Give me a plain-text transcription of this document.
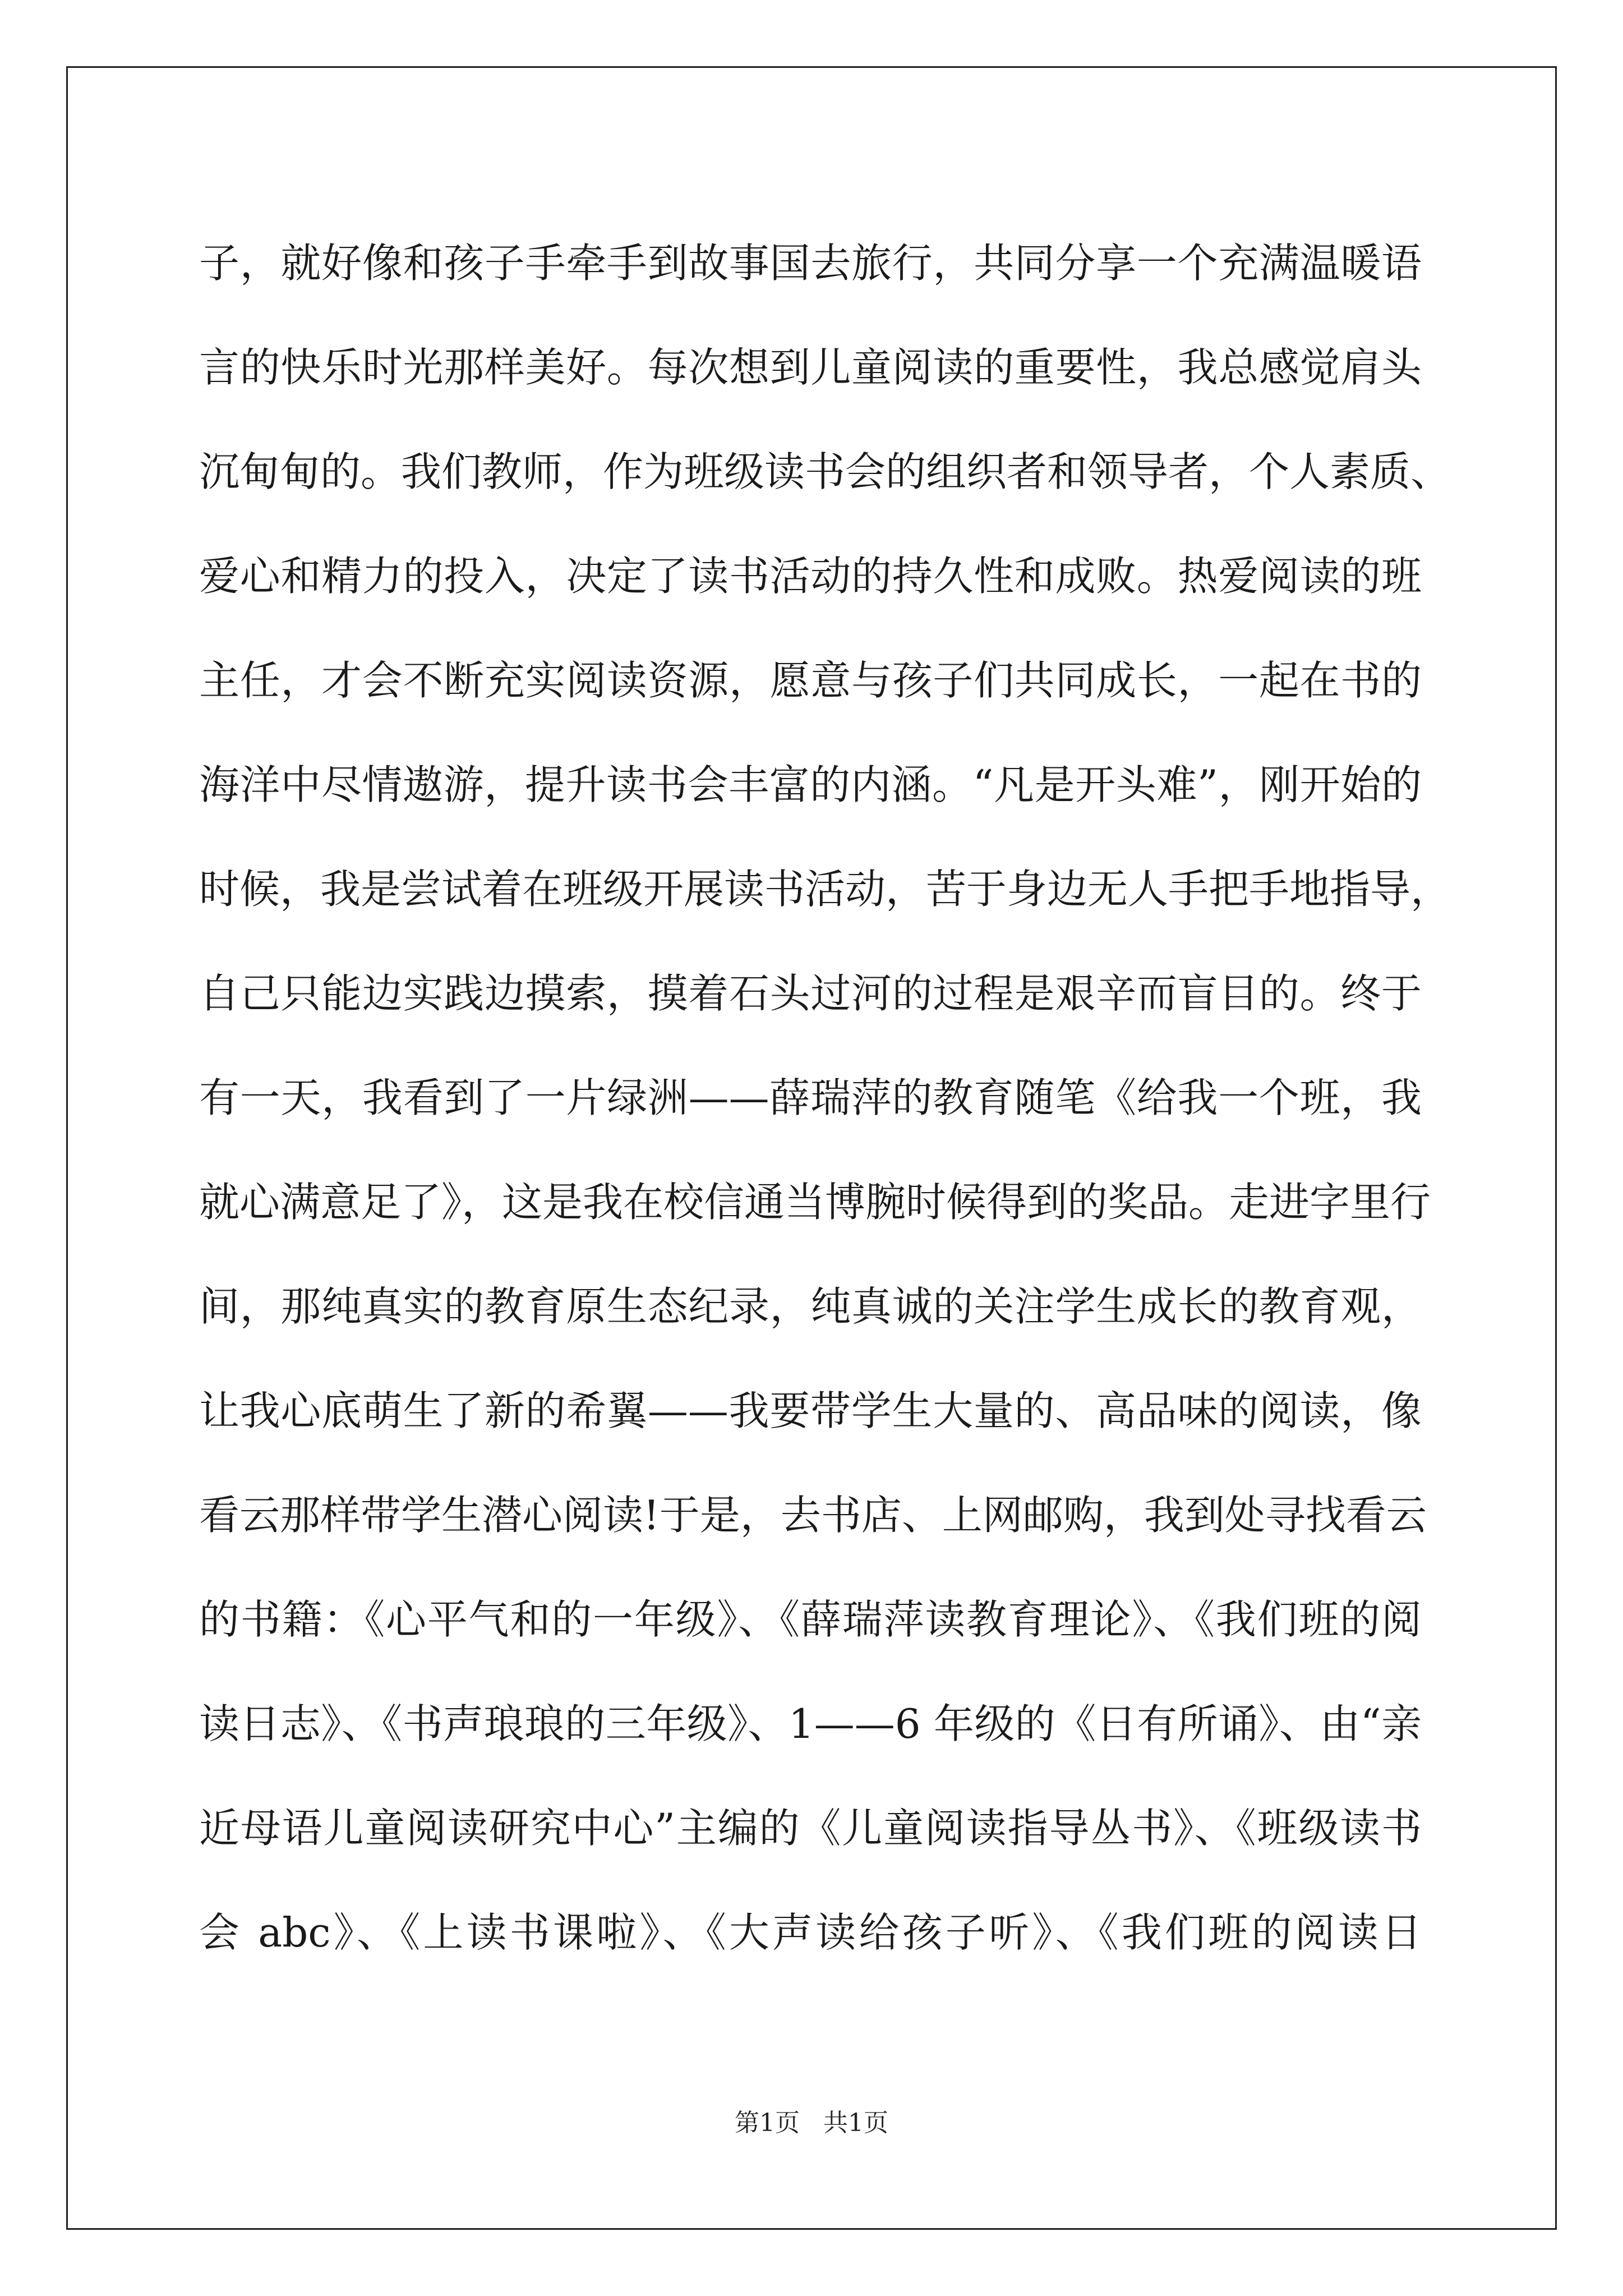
子，就好像和孩子手牵手到故事国去旅行，共同分享一个充满温暖语
言的快乐时光那样美好。每次想到儿童阅读的重要性，我总感觉肩头
沉甸甸的。我们教师，作为班级读书会的组织者和领导者，个人素质、
爱心和精力的投入，决定了读书活动的持久性和成败。热爱阅读的班
主任，才会不断充实阅读资源，愿意与孩子们共同成长，一起在书的
海洋中尽情遨游，提升读书会丰富的内涵。“凡是开头难”，刚开始的
时候，我是尝试着在班级开展读书活动，苦于身边无人手把手地指导，
自己只能边实践边摸索，摸着石头过河的过程是艰辛而盲目的。终于
有一天，我看到了一片绿洲——薛瑞萍的教育随笔《给我一个班，我
就心满意足了》，这是我在校信通当博腕时候得到的奖品。走进字里行
间，那纯真实的教育原生态纪录，纯真诚的关注学生成长的教育观，
让我心底萌生了新的希翼——我要带学生大量的、高品味的阅读，像
看云那样带学生潜心阅读!于是，去书店、上网邮购，我到处寻找看云
的书籍：《心平气和的一年级》、《薛瑞萍读教育理论》、《我们班的阅
读日志》、《书声琅琅的三年级》、1——6 年级的《日有所诵》、由“亲
近母语儿童阅读研究中心”主编的《儿童阅读指导丛书》、《班级读书
会 abc》、《上读书课啦》、《大声读给孩子听》、《我们班的阅读日
第1页   共1页
